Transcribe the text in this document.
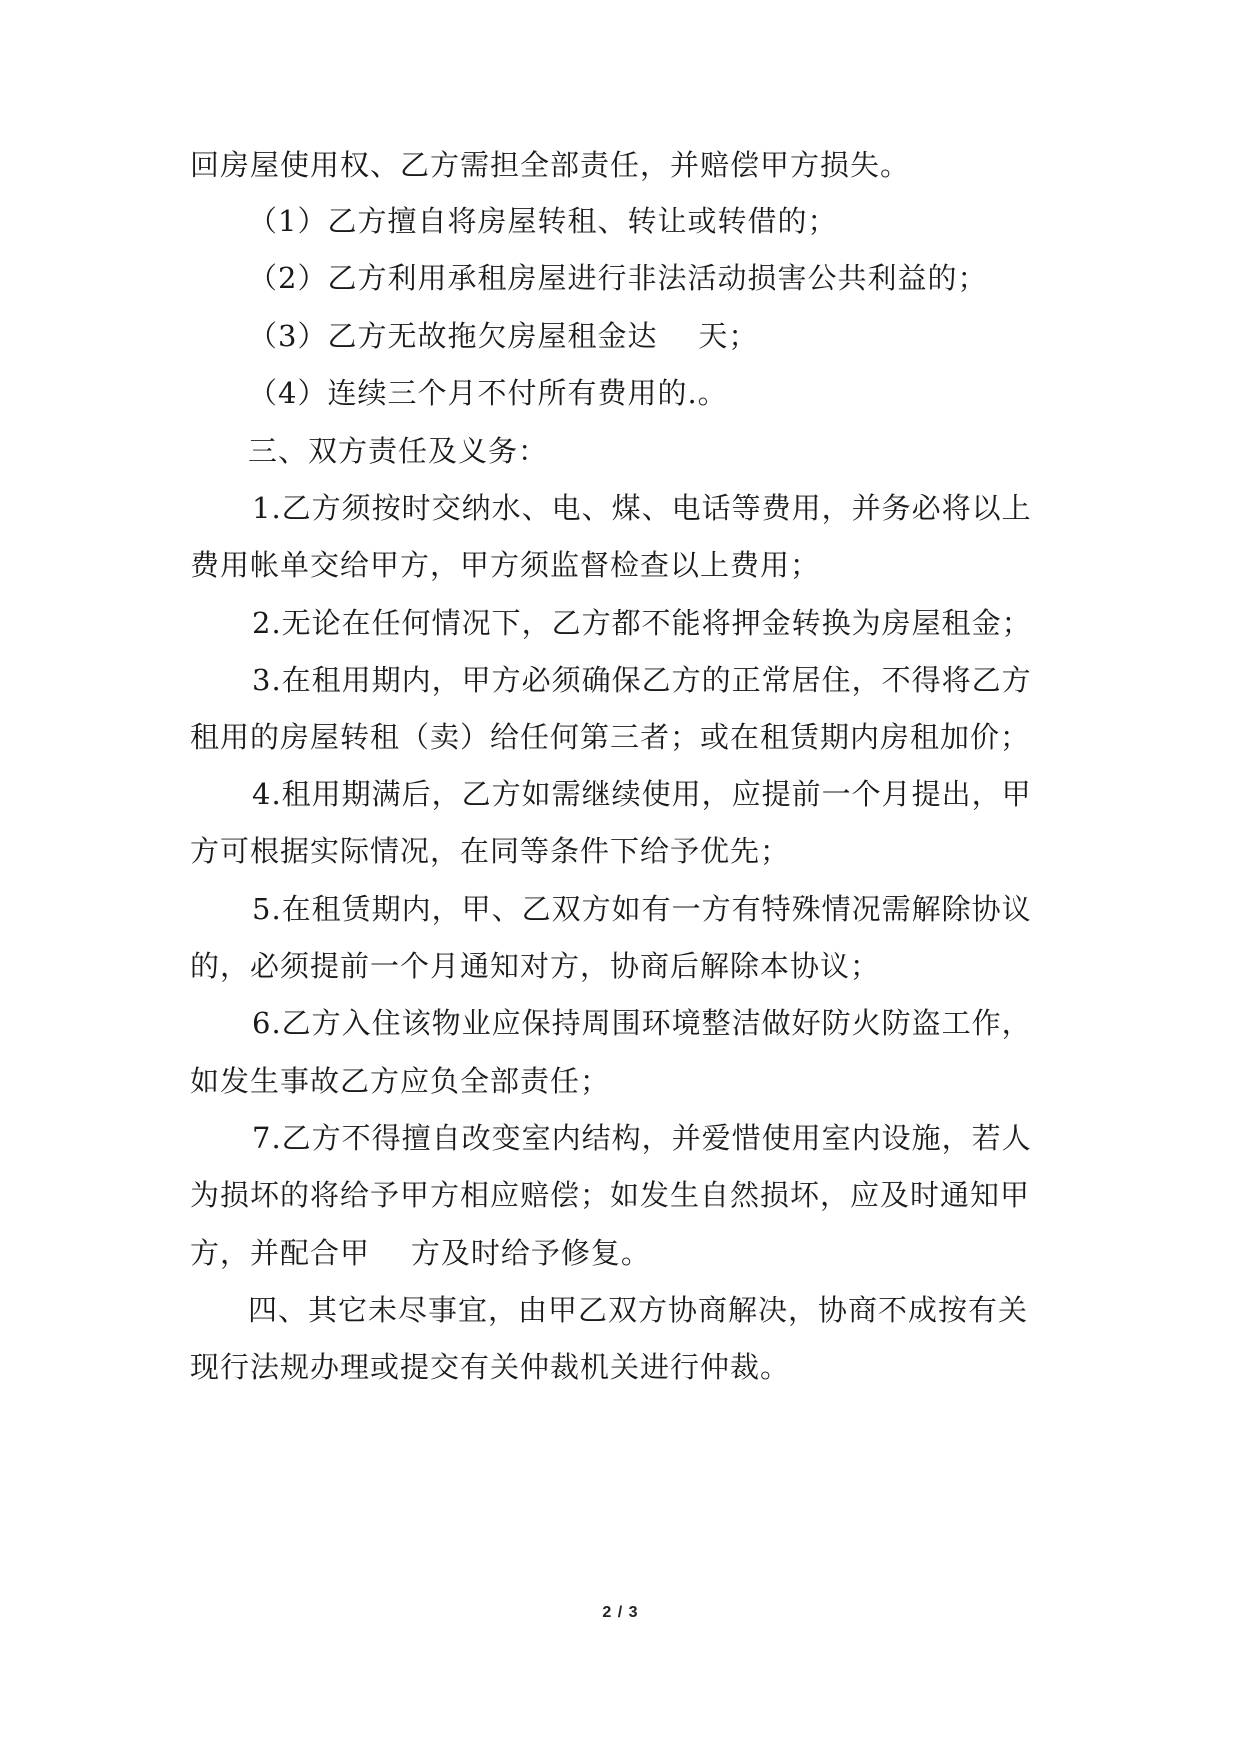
回房屋使用权、乙方需担全部责任，并赔偿甲方损失。
（1）乙方擅自将房屋转租、转让或转借的；
（2）乙方利用承租房屋进行非法活动损害公共利益的；
（3）乙方无故拖欠房屋租金达    天；
（4）连续三个月不付所有费用的.。
三、双方责任及义务：
1.乙方须按时交纳水、电、煤、电话等费用，并务必将以上
费用帐单交给甲方，甲方须监督检查以上费用；
2.无论在任何情况下，乙方都不能将押金转换为房屋租金；
3.在租用期内，甲方必须确保乙方的正常居住，不得将乙方
租用的房屋转租（卖）给任何第三者；或在租赁期内房租加价；
4.租用期满后，乙方如需继续使用，应提前一个月提出，甲
方可根据实际情况，在同等条件下给予优先；
5.在租赁期内，甲、乙双方如有一方有特殊情况需解除协议
的，必须提前一个月通知对方，协商后解除本协议；
6.乙方入住该物业应保持周围环境整洁做好防火防盗工作，
如发生事故乙方应负全部责任；
7.乙方不得擅自改变室内结构，并爱惜使用室内设施，若人
为损坏的将给予甲方相应赔偿；如发生自然损坏，应及时通知甲
方，并配合甲    方及时给予修复。
四、其它未尽事宜，由甲乙双方协商解决，协商不成按有关
现行法规办理或提交有关仲裁机关进行仲裁。
2 / 3
